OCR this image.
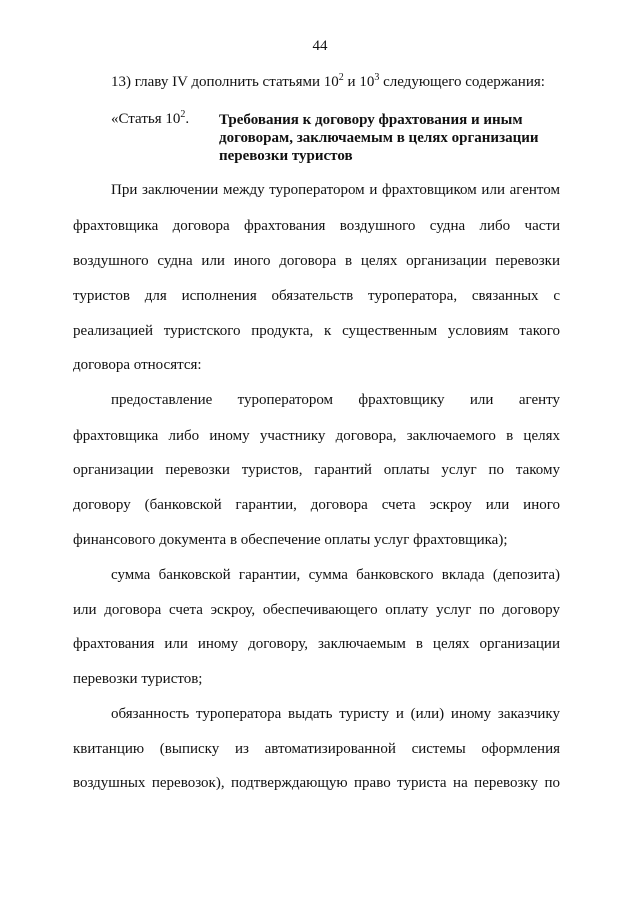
44
13) главу IV дополнить статьями $10^2$ и $10^3$ следующего содержания:
«Статья $10^2$. Требования к договору фрахтования и иным
договорам, заключаемым в целях организации
перевозки туристов
При заключении между туроператором и фрахтовщиком или агентом
фрахтовщика договора фрахтования воздушного судна либо части
воздушного судна или иного договора в целях организации перевозки
туристов для исполнения обязательств туроператора, связанных с
реализацией туристского продукта, к существенным условиям такого
договора относятся:
предоставление туроператором фрахтовщику или агенту
фрахтовщика либо иному участнику договора, заключаемого в целях
организации перевозки туристов, гарантий оплаты услуг по такому
договору (банковской гарантии, договора счета эскроу или иного
финансового документа в обеспечение оплаты услуг фрахтовщика);
сумма банковской гарантии, сумма банковского вклада (депозита)
или договора счета эскроу, обеспечивающего оплату услуг по договору
фрахтования или иному договору, заключаемым в целях организации
перевозки туристов;
обязанность туроператора выдать туристу и (или) иному заказчику
квитанцию (выписку из автоматизированной системы оформления
воздушных перевозок), подтверждающую право туриста на перевозку по
